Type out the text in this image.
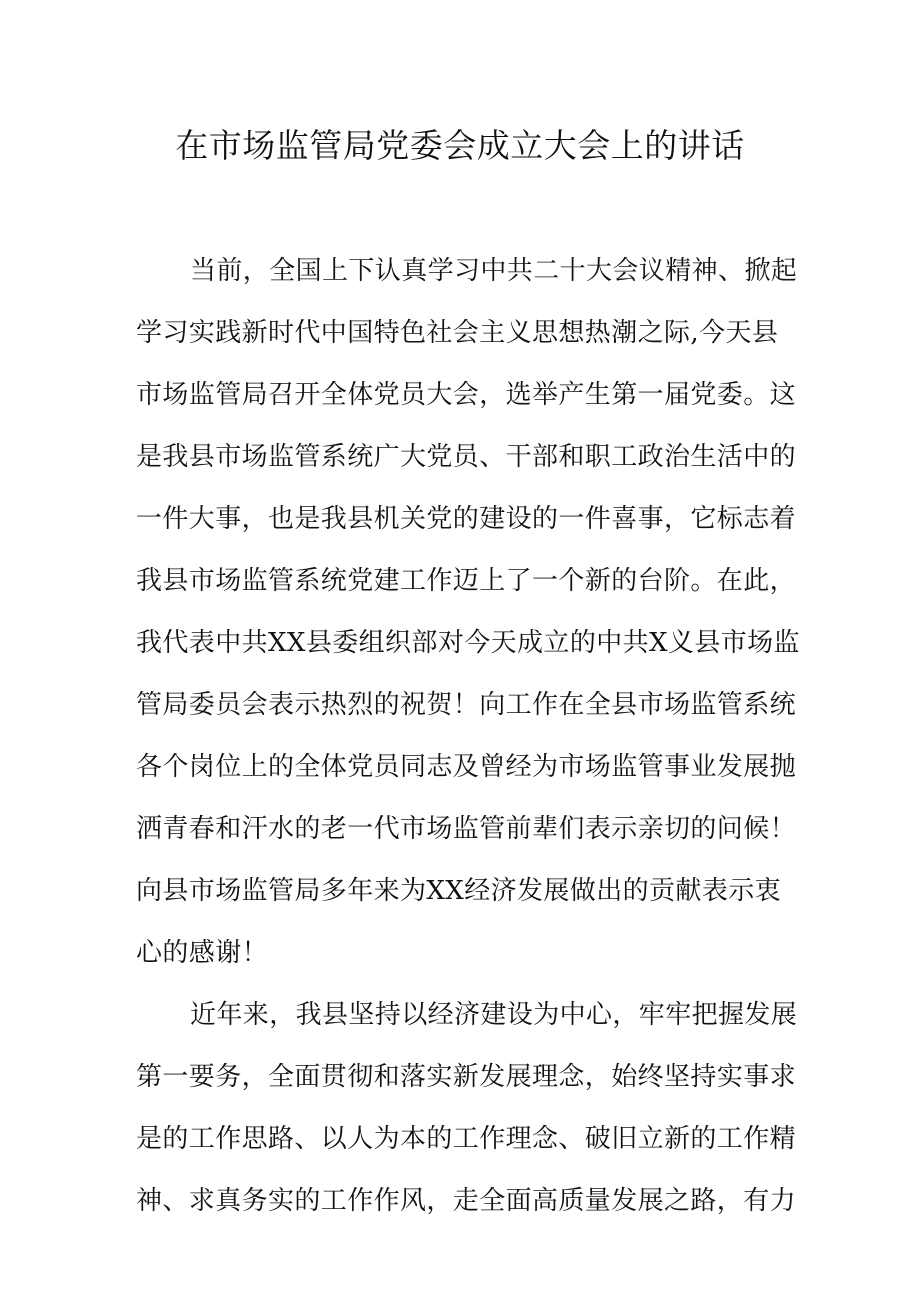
在市场监管局党委会成立大会上的讲话
当前，全国上下认真学习中共二十大会议精神、掀起
学习实践新时代中国特色社会主义思想热潮之际,今天县
市场监管局召开全体党员大会，选举产生第一届党委。这
是我县市场监管系统广大党员、干部和职工政治生活中的
一件大事，也是我县机关党的建设的一件喜事，它标志着
我县市场监管系统党建工作迈上了一个新的台阶。在此，
我代表中共XX县委组织部对今天成立的中共X义县市场监
管局委员会表示热烈的祝贺！向工作在全县市场监管系统
各个岗位上的全体党员同志及曾经为市场监管事业发展抛
洒青春和汗水的老一代市场监管前辈们表示亲切的问候！
向县市场监管局多年来为XX经济发展做出的贡献表示衷
心的感谢！
近年来，我县坚持以经济建设为中心，牢牢把握发展
第一要务，全面贯彻和落实新发展理念，始终坚持实事求
是的工作思路、以人为本的工作理念、破旧立新的工作精
神、求真务实的工作作风，走全面高质量发展之路，有力
